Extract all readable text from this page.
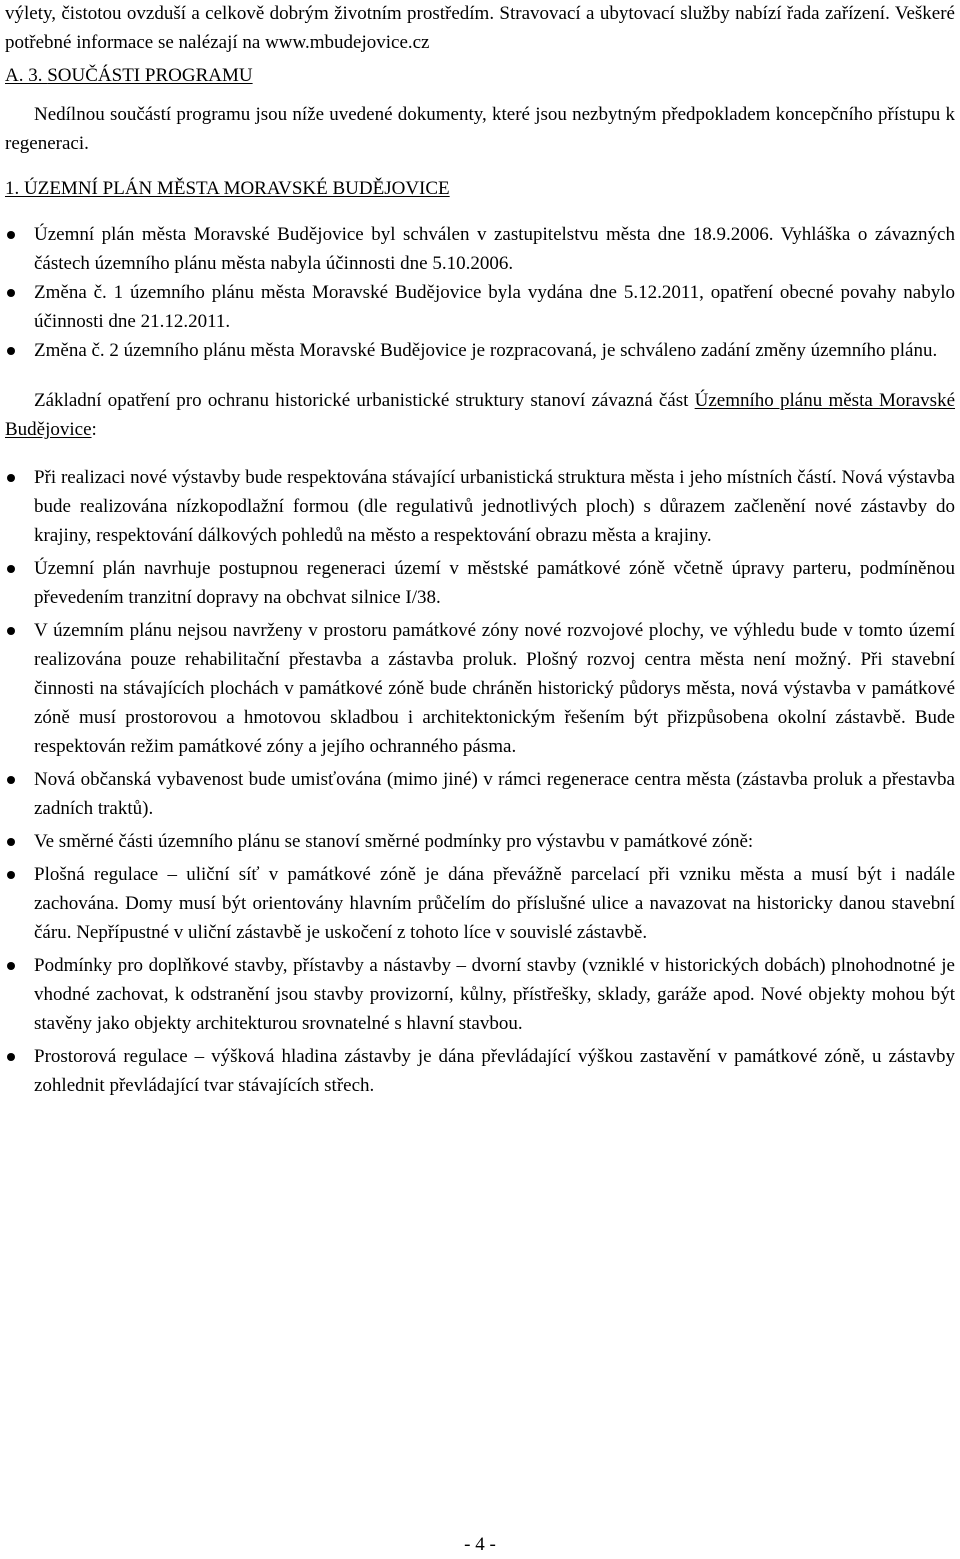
výlety, čistotou ovzduší a celkově dobrým životním prostředím. Stravovací a ubytovací služby nabízí řada zařízení. Veškeré potřebné informace se nalézají na www.mbudejovice.cz

A. 3. SOUČÁSTI PROGRAMU

Nedílnou součástí programu jsou níže uvedené dokumenty, které jsou nezbytným předpokladem koncepčního přístupu k regeneraci.

1. ÚZEMNÍ PLÁN MĚSTA MORAVSKÉ BUDĚJOVICE

Územní plán města Moravské Budějovice byl schválen v zastupitelstvu města dne 18.9.2006. Vyhláška o závazných částech územního plánu města nabyla účinnosti dne 5.10.2006.
Změna č. 1 územního plánu města Moravské Budějovice byla vydána dne 5.12.2011, opatření obecné povahy nabylo účinnosti dne 21.12.2011.
Změna č. 2 územního plánu města Moravské Budějovice je rozpracovaná, je schváleno zadání změny územního plánu.

Základní opatření pro ochranu historické urbanistické struktury stanoví závazná část Územního plánu města Moravské Budějovice:

Při realizaci nové výstavby bude respektována stávající urbanistická struktura města i jeho místních částí. Nová výstavba bude realizována nízkopodlažní formou (dle regulativů jednotlivých ploch) s důrazem začlenění nové zástavby do krajiny, respektování dálkových pohledů na město a respektování obrazu města a krajiny.
Územní plán navrhuje postupnou regeneraci území v městské památkové zóně včetně úpravy parteru, podmíněnou převedením tranzitní dopravy na obchvat silnice I/38.
V územním plánu nejsou navrženy v prostoru památkové zóny nové rozvojové plochy, ve výhledu bude v tomto území realizována pouze rehabilitační přestavba a zástavba proluk. Plošný rozvoj centra města není možný. Při stavební činnosti na stávajících plochách v památkové zóně bude chráněn historický půdorys města, nová výstavba v památkové zóně musí prostorovou a hmotovou skladbou i architektonickým řešením být přizpůsobena okolní zástavbě. Bude respektován režim památkové zóny a jejího ochranného pásma.
Nová občanská vybavenost bude umisťována (mimo jiné) v rámci regenerace centra města (zástavba proluk a přestavba zadních traktů).
Ve směrné části územního plánu se stanoví směrné podmínky pro výstavbu v památkové zóně:
Plošná regulace – uliční síť v památkové zóně je dána převážně parcelací při vzniku města a musí být i nadále zachována. Domy musí být orientovány hlavním průčelím do příslušné ulice a navazovat na historicky danou stavební čáru. Nepřípustné v uliční zástavbě je uskočení z tohoto líce v souvislé zástavbě.
Podmínky pro doplňkové stavby, přístavby a nástavby – dvorní stavby (vzniklé v historických dobách) plnohodnotné je vhodné zachovat, k odstranění jsou stavby provizorní, kůlny, přístřešky, sklady, garáže apod. Nové objekty mohou být stavěny jako objekty architekturou srovnatelné s hlavní stavbou.
Prostorová regulace – výšková hladina zástavby je dána převládající výškou zastavění v památkové zóně, u zástavby zohlednit převládající tvar stávajících střech.
- 4 -
